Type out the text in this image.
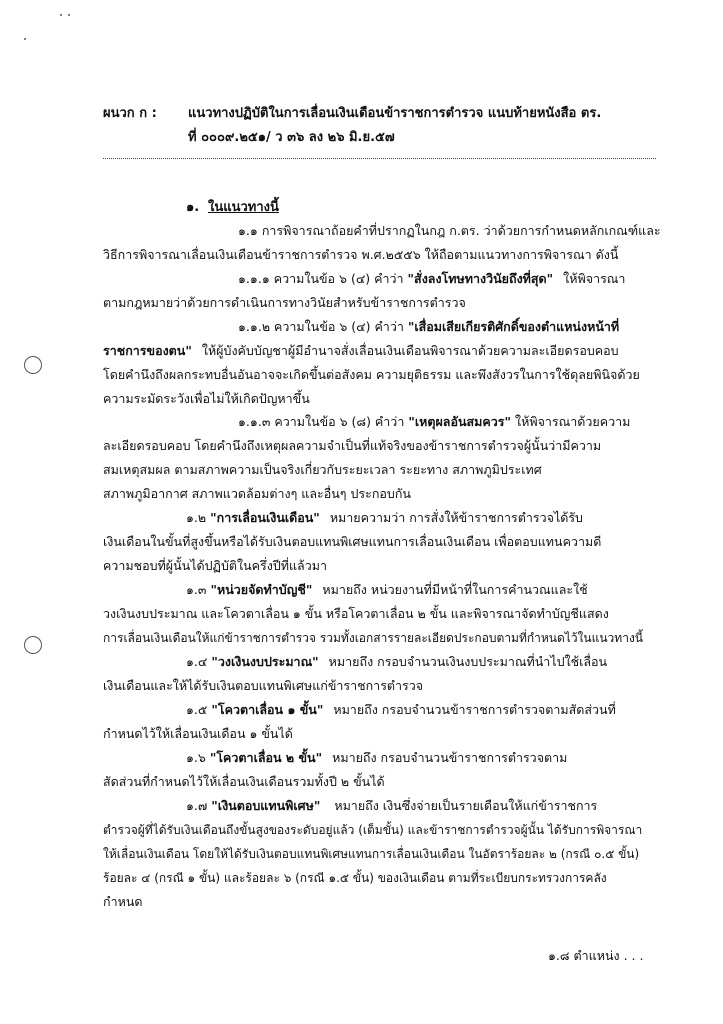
ผนวก ก : แนวทางปฏิบัติในการเลื่อนเงินเดือนข้าราชการตำรวจ แนบท้ายหนังสือ ตร.
ที่ ๐๐๐๙.๒๕๑/ ว ๓๖ ลง ๒๖ มิ.ย.๕๗
๑. ในแนวทางนี้
๑.๑ การพิจารณาถ้อยคำที่ปรากฏในกฎ ก.ตร. ว่าด้วยการกำหนดหลักเกณฑ์และ
วิธีการพิจารณาเลื่อนเงินเดือนข้าราชการตำรวจ พ.ศ.๒๕๕๖ ให้ถือตามแนวทางการพิจารณา ดังนี้
๑.๑.๑ ความในข้อ ๖ (๔) คำว่า "สั่งลงโทษทางวินัยถึงที่สุด" ให้พิจารณา
ตามกฎหมายว่าด้วยการดำเนินการทางวินัยสำหรับข้าราชการตำรวจ
๑.๑.๒ ความในข้อ ๖ (๔) คำว่า "เสื่อมเสียเกียรติศักดิ์ของตำแหน่งหน้าที่
ราชการของตน" ให้ผู้บังคับบัญชาผู้มีอำนาจสั่งเลื่อนเงินเดือนพิจารณาด้วยความละเอียดรอบคอบ
โดยคำนึงถึงผลกระทบอื่นอันอาจจะเกิดขึ้นต่อสังคม ความยุติธรรม และพึงสังวรในการใช้ดุลยพินิจด้วย
ความระมัดระวังเพื่อไม่ให้เกิดปัญหาขึ้น
๑.๑.๓ ความในข้อ ๖ (๘) คำว่า "เหตุผลอันสมควร" ให้พิจารณาด้วยความ
ละเอียดรอบคอบ โดยคำนึงถึงเหตุผลความจำเป็นที่แท้จริงของข้าราชการตำรวจผู้นั้นว่ามีความ
สมเหตุสมผล ตามสภาพความเป็นจริงเกี่ยวกับระยะเวลา ระยะทาง สภาพภูมิประเทศ
สภาพภูมิอากาศ สภาพแวดล้อมต่างๆ และอื่นๆ ประกอบกัน
๑.๒ "การเลื่อนเงินเดือน" หมายความว่า การสั่งให้ข้าราชการตำรวจได้รับ
เงินเดือนในขั้นที่สูงขึ้นหรือได้รับเงินตอบแทนพิเศษแทนการเลื่อนเงินเดือน เพื่อตอบแทนความดี
ความชอบที่ผู้นั้นได้ปฏิบัติในครึ่งปีที่แล้วมา
๑.๓ "หน่วยจัดทำบัญชี" หมายถึง หน่วยงานที่มีหน้าที่ในการคำนวณและใช้
วงเงินงบประมาณ และโควตาเลื่อน ๑ ขั้น หรือโควตาเลื่อน ๒ ขั้น และพิจารณาจัดทำบัญชีแสดง
การเลื่อนเงินเดือนให้แก่ข้าราชการตำรวจ รวมทั้งเอกสารรายละเอียดประกอบตามที่กำหนดไว้ในแนวทางนี้
๑.๔ "วงเงินงบประมาณ" หมายถึง กรอบจำนวนเงินงบประมาณที่นำไปใช้เลื่อน
เงินเดือนและให้ได้รับเงินตอบแทนพิเศษแก่ข้าราชการตำรวจ
๑.๕ "โควตาเลื่อน ๑ ขั้น" หมายถึง กรอบจำนวนข้าราชการตำรวจตามสัดส่วนที่
กำหนดไว้ให้เลื่อนเงินเดือน ๑ ขั้นได้
๑.๖ "โควตาเลื่อน ๒ ขั้น" หมายถึง กรอบจำนวนข้าราชการตำรวจตาม
สัดส่วนที่กำหนดไว้ให้เลื่อนเงินเดือนรวมทั้งปี ๒ ขั้นได้
๑.๗ "เงินตอบแทนพิเศษ" หมายถึง เงินซึ่งจ่ายเป็นรายเดือนให้แก่ข้าราชการ
ตำรวจผู้ที่ได้รับเงินเดือนถึงขั้นสูงของระดับอยู่แล้ว (เต็มขั้น) และข้าราชการตำรวจผู้นั้น ได้รับการพิจารณา
ให้เลื่อนเงินเดือน โดยให้ได้รับเงินตอบแทนพิเศษแทนการเลื่อนเงินเดือน ในอัตราร้อยละ ๒ (กรณี ๐.๕ ขั้น)
ร้อยละ ๔ (กรณี ๑ ขั้น) และร้อยละ ๖ (กรณี ๑.๕ ขั้น) ของเงินเดือน ตามที่ระเบียบกระทรวงการคลัง
กำหนด
๑.๘ ตำแหน่ง . . .
